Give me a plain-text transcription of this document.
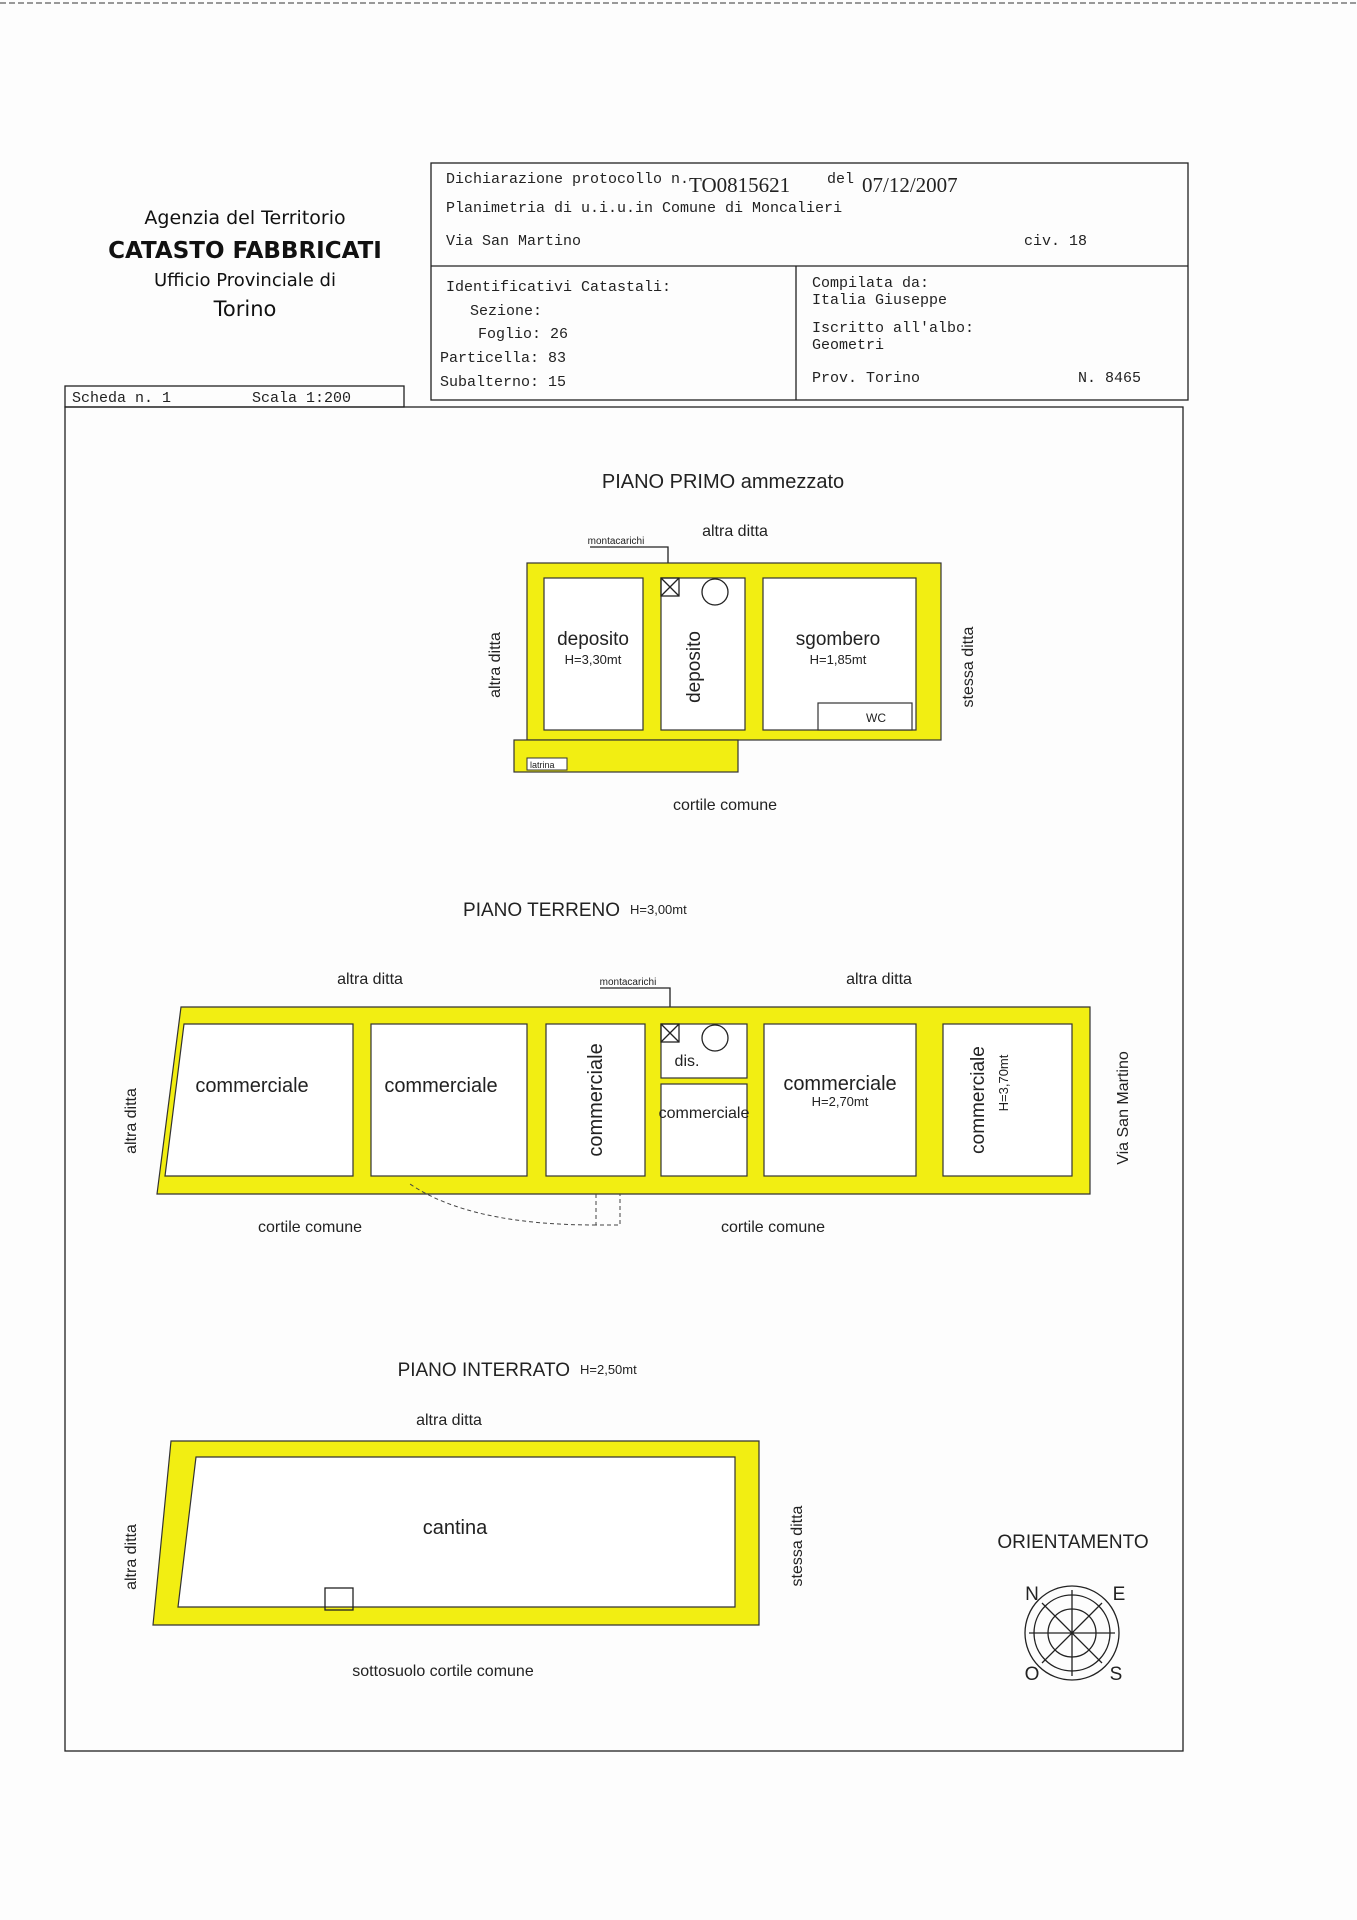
Agenzia del Territorio
CATASTO FABBRICATI
Ufficio Provinciale di
Torino
Dichiarazione protocollo n. TO0815621 del 07/12/2007
Planimetria di u.i.u.in Comune di Moncalieri
Via San Martino	civ. 18
Identificativi Catastali:
Sezione:
Foglio: 26
Particella: 83
Subalterno: 15
Compilata da:
Italia Giuseppe
Iscritto all'albo:
Geometri
Prov. Torino	N. 8465
Scheda n. 1	Scala 1:200
PIANO PRIMO ammezzato
altra ditta
montacarichi
latrina
deposito
H=3,30mt	deposito	sgombero
H=1,85mt
WC
altra ditta	stessa ditta
cortile comune
PIANO TERRENO H=3,00mt
altra ditta	altra ditta
montacarichi
commerciale	commerciale	commerciale	dis.
commerciale
commerciale
H=2,70mt	commerciale H=3,70mt
altra ditta	Via San Martino
cortile comune	cortile comune
PIANO INTERRATO H=2,50mt
altra ditta
cantina
altra ditta	stessa ditta
sottosuolo cortile comune
ORIENTAMENTO
N	E
O	S
